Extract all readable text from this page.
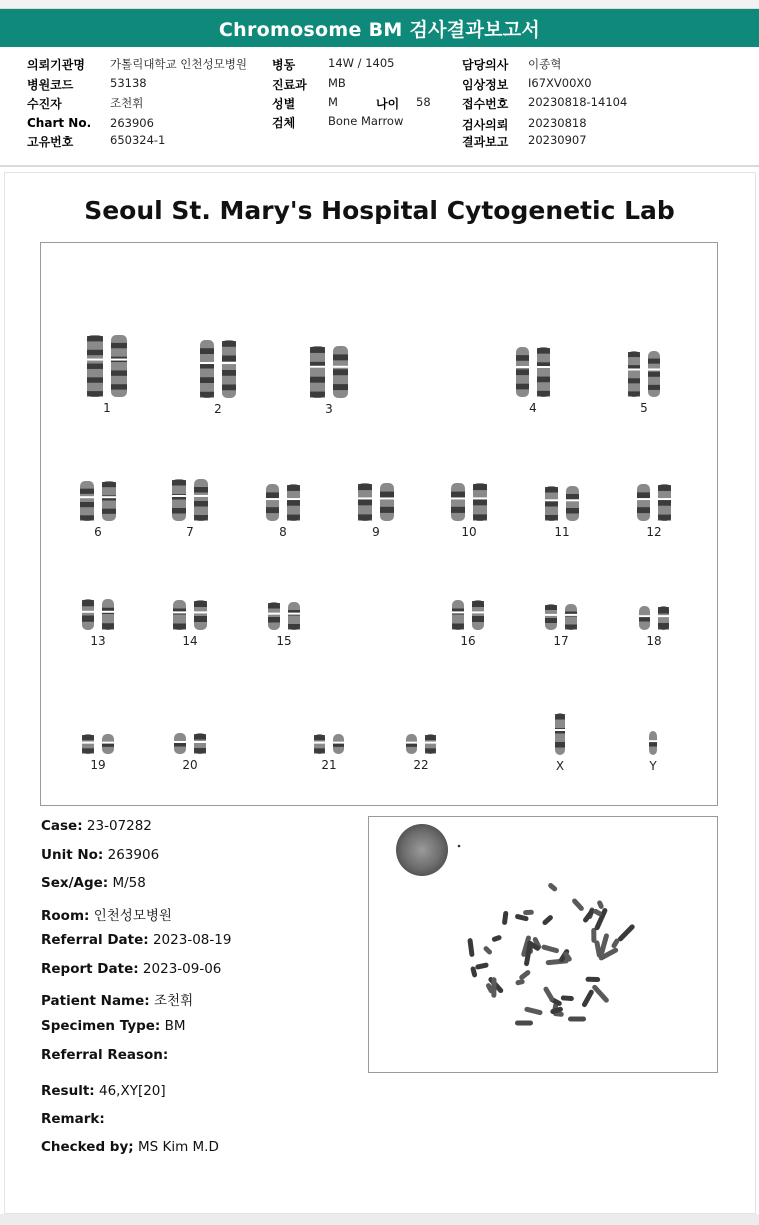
Chromosome BM 검사결과보고서
의뢰기관명 가톨릭대학교 인천성모병원
병원코드	53138
수진자	조천휘
Chart No. 263906
고유번호	650324-1
병동	14W / 1405
진료과 MB
성별	M	나이 58
검체	Bone Marrow
담당의사 이종혁
임상정보 I67XV00X0
접수번호 20230818-14104
검사의뢰 20230818
결과보고 20230907
Seoul St. Mary's Hospital Cytogenetic Lab
1	2	3	4	5
6	7	8	9	10	11	12
13	14	15	16	17	18
19	20	21	22	X	Y
Case: 23-07282
Unit No: 263906
Sex/Age: M/58
Room: 인천성모병원
Referral Date: 2023-08-19
Report Date: 2023-09-06
Patient Name: 조천휘
Specimen Type: BM
Referral Reason:
Result: 46,XY[20]
Remark:
Checked by; MS Kim M.D
